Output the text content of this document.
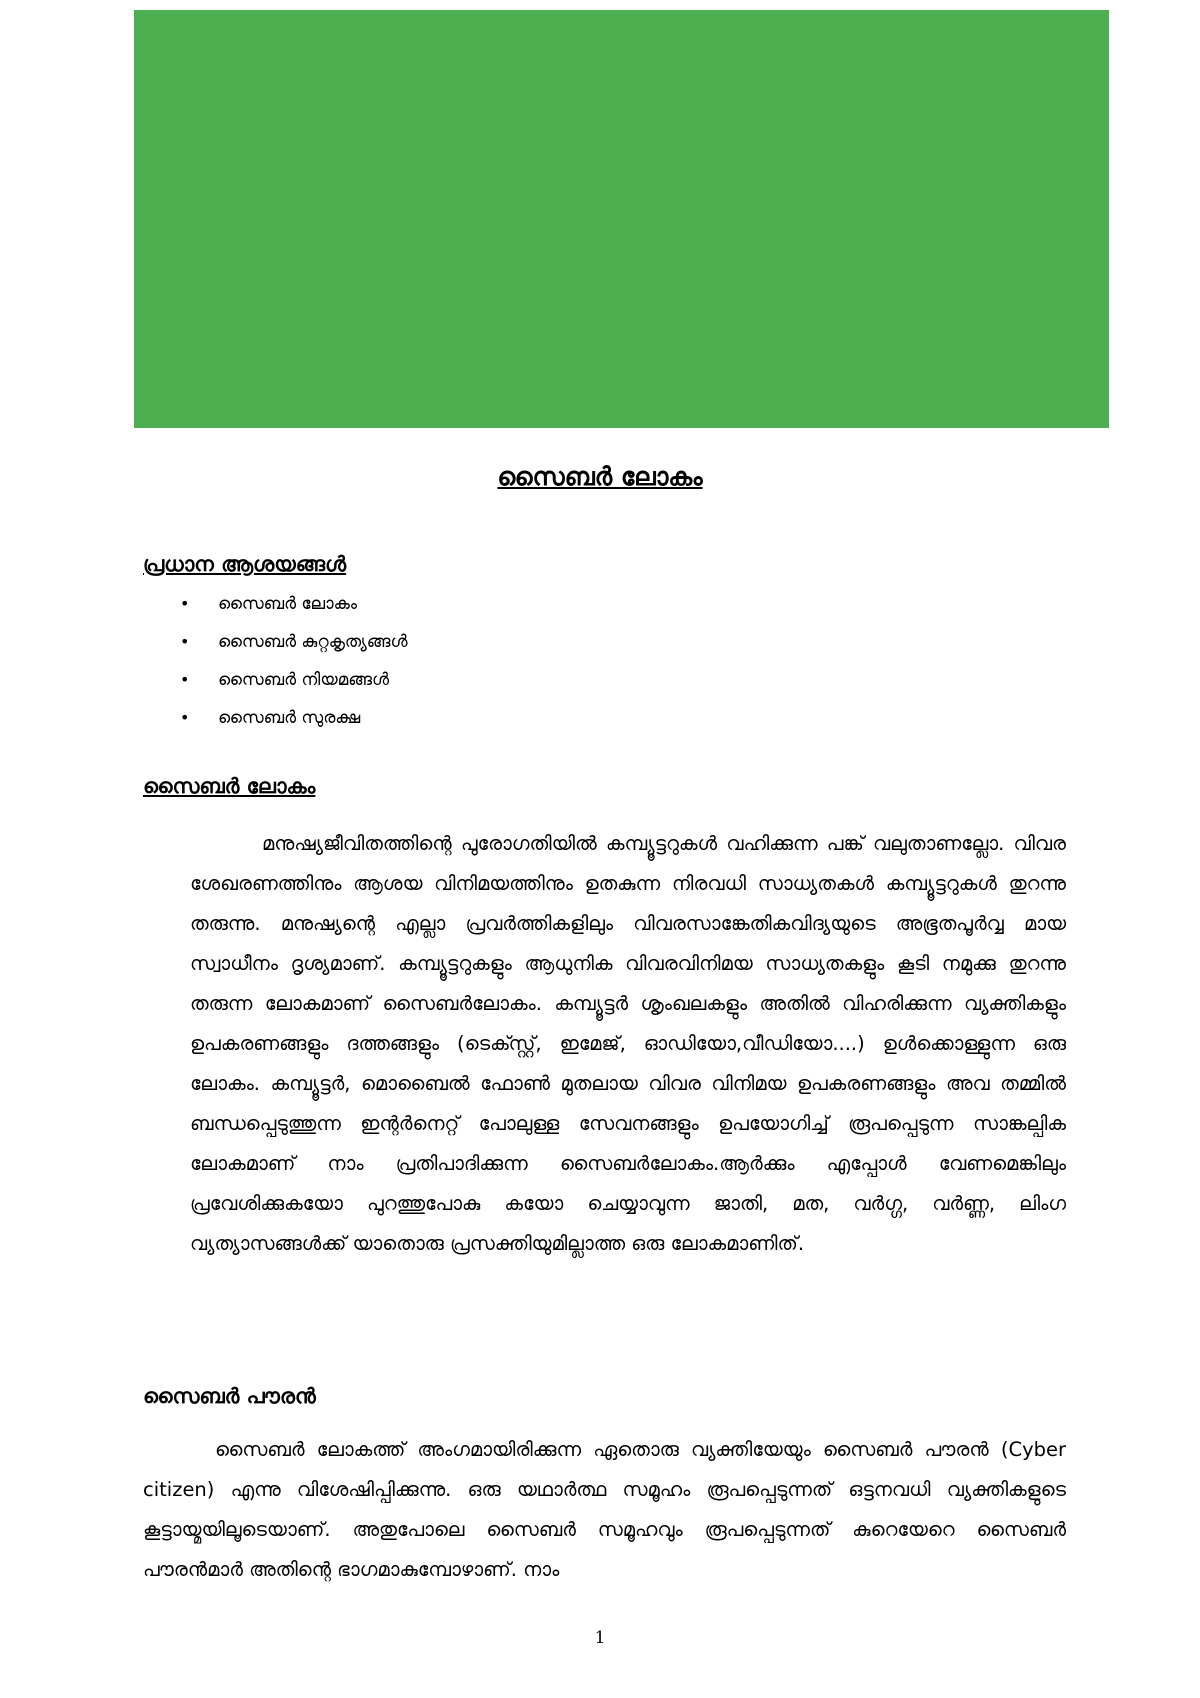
സൈബർ ലോകം
പ്രധാന ആശയങ്ങൾ
• സൈബർ ലോകം
• സൈബർ കുറ്റകൃത്യങ്ങൾ
• സൈബർ നിയമങ്ങൾ
• സൈബർ സുരക്ഷ
സൈബർ ലോകം

മനുഷ്യജീവിതത്തിന്റെ പുരോഗതിയിൽ കമ്പ്യൂട്ടറുകൾ വഹിക്കുന്ന പങ്ക് വലുതാണല്ലോ. വിവര ശേഖരണത്തിനും ആശയ വിനിമയത്തിനും ഉതകുന്ന നിരവധി സാധ്യതകൾ കമ്പ്യൂട്ടറുകൾ തുറന്നു തരുന്നു. മനുഷ്യന്റെ എല്ലാ പ്രവർത്തികളിലും വിവരസാങ്കേതികവിദ്യയുടെ അഭൂതപൂർവ്വ മായ സ്വാധീനം ദൃശ്യമാണ്. കമ്പ്യൂട്ടറുകളും ആധുനിക വിവരവിനിമയ സാധ്യതകളും കൂടി നമുക്കു തുറന്നു തരുന്ന ലോകമാണ് സൈബർലോകം. കമ്പ്യൂട്ടർ ശൃംഖലകളും അതിൽ വിഹരിക്കുന്ന വ്യക്തികളും ഉപകരണങ്ങളും ദത്തങ്ങളും (ടെക്സ്റ്റ്, ഇമേജ്, ഓഡിയോ,വീഡിയോ....) ഉൾക്കൊള്ളുന്ന ഒരു ലോകം. കമ്പ്യൂട്ടർ, മൊബൈൽ ഫോൺ മുതലായ വിവര വിനിമയ ഉപകരണങ്ങളും അവ തമ്മിൽ ബന്ധപ്പെടുത്തുന്ന ഇന്റർനെറ്റ് പോലുള്ള സേവനങ്ങളും ഉപയോഗിച്ച് രൂപപ്പെടുന്ന സാങ്കല്പിക ലോകമാണ് നാം പ്രതിപാദിക്കുന്ന സൈബർലോകം.ആർക്കും എപ്പോൾ വേണമെങ്കിലും പ്രവേശിക്കുകയോ പുറത്തുപോകു കയോ ചെയ്യാവുന്ന ജാതി, മത, വർഗ്ഗ, വർണ്ണ, ലിംഗ വ്യത്യാസങ്ങൾക്ക് യാതൊരു പ്രസക്തിയുമില്ലാത്ത ഒരു ലോകമാണിത്.

സൈബർ പൗരൻ

സൈബർ ലോകത്ത് അംഗമായിരിക്കുന്ന ഏതൊരു വ്യക്തിയേയും സൈബർ പൗരൻ (Cyber citizen) എന്നു വിശേഷിപ്പിക്കുന്നു. ഒരു യഥാർത്ഥ സമൂഹം രൂപപ്പെടുന്നത് ഒട്ടനവധി വ്യക്തികളുടെ കൂട്ടായ്മയിലൂടെയാണ്. അതുപോലെ സൈബർ സമൂഹവും രൂപപ്പെടുന്നത് കുറെയേറെ സൈബർ പൗരൻമാർ അതിന്റെ ഭാഗമാകുമ്പോഴാണ്. നാം

1
